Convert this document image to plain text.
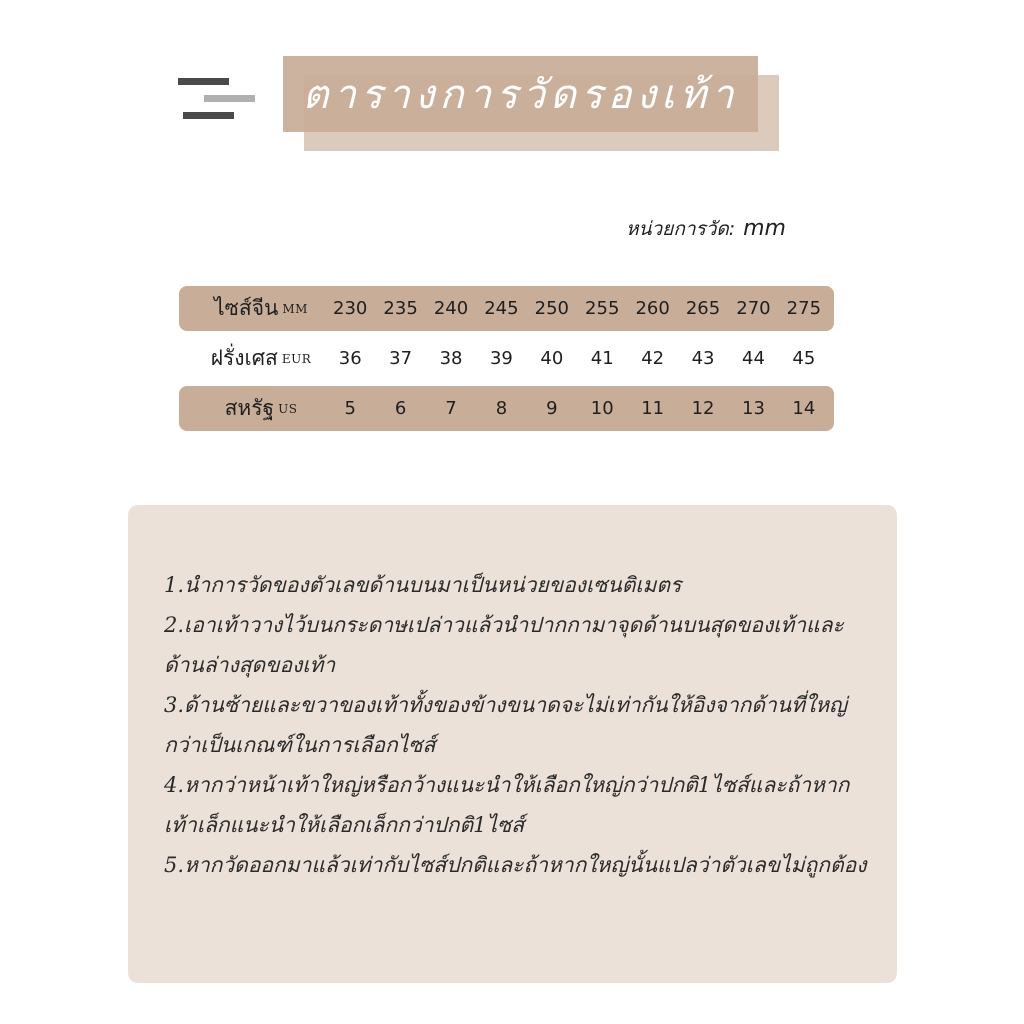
ตารางการวัดรองเท้า
หน่วยการวัด: mm
ไซส์จีน MM	230 235 240 245 250 255 260 265 270 275
ฝรั่งเศส EUR	36	37	38	39	40	41	42	43	44	45
สหรัฐ US	5	6	7	8	9	10	11	12	13	14
1.นำการวัดของตัวเลขด้านบนมาเป็นหน่วยของเซนติเมตร
2.เอาเท้าวางไว้บนกระดาษเปล่าวแล้วนำปากกามาจุดด้านบนสุดของเท้าและด้านล่างสุดของเท้า
3.ด้านซ้ายและขวาของเท้าทั้งของข้างขนาดจะไม่เท่ากันให้อิงจากด้านที่ใหญ่กว่าเป็นเกณฑ์ในการเลือกไซส์
4.หากว่าหน้าเท้าใหญ่หรือกว้างแนะนำให้เลือกใหญ่กว่าปกติ1ไซส์และถ้าหากเท้าเล็กแนะนำให้เลือกเล็กกว่าปกติ1ไซส์
5.หากวัดออกมาแล้วเท่ากับไซส์ปกติและถ้าหากใหญ่นั้นแปลว่าตัวเลขไม่ถูกต้อง
